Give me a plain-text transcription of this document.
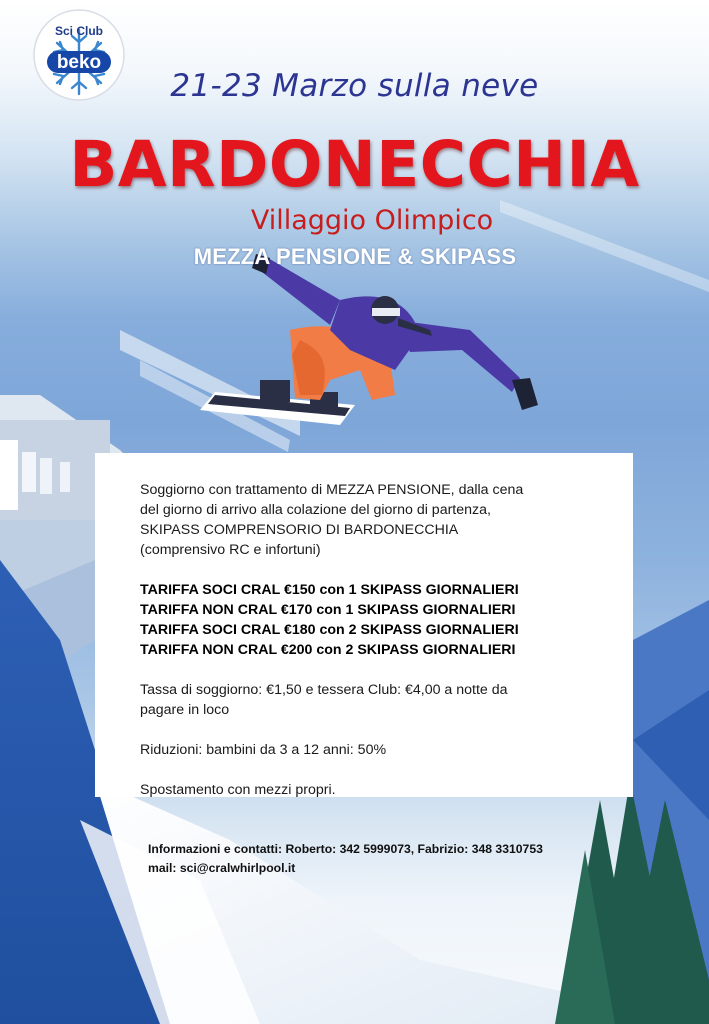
Sci Club
beko
21-23 Marzo sulla neve
BARDONECCHIA
Villaggio Olimpico
MEZZA PENSIONE & SKIPASS

Soggiorno con trattamento di MEZZA PENSIONE, dalla cena

del giorno di arrivo alla colazione del giorno di partenza,

SKIPASS COMPRENSORIO DI BARDONECCHIA

(comprensivo RC e infortuni)

TARIFFA SOCI CRAL €150 con 1 SKIPASS GIORNALIERI

TARIFFA NON CRAL €170 con 1 SKIPASS GIORNALIERI

TARIFFA SOCI CRAL €180 con 2 SKIPASS GIORNALIERI

TARIFFA NON CRAL €200 con 2 SKIPASS GIORNALIERI

Tassa di soggiorno: €1,50 e tessera Club: €4,00 a notte da

pagare in loco

Riduzioni: bambini da 3 a 12 anni: 50%

Spostamento con mezzi propri.

Informazioni e contatti: Roberto: 342 5999073, Fabrizio: 348 3310753
mail: sci@cralwhirlpool.it
